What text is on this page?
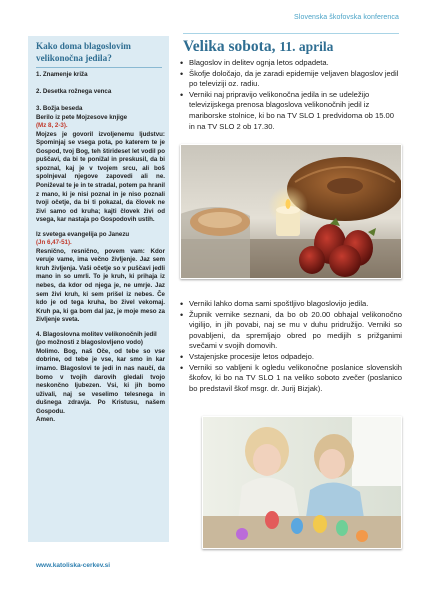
Slovenska škofovska konferenca
Kako doma blagoslovim velikonočna jedila?

1. Znamenje križa

2. Desetka rožnega venca

3. Božja beseda

Berilo iz pete Mojzesove knjige

(Mz 8, 2-3).

Mojzes je govoril izvoljenemu ljudstvu: Spominjaj se vsega pota, po katerem te je Gospod, tvoj Bog, teh štirideset let vodil po puščavi, da bi te ponižal in preskusil, da bi spoznal, kaj je v tvojem srcu, ali boš spolnjeval njegove zapovedi ali ne. Poniževal te je in te stradal, potem pa hranil z mano, ki je nisi poznal in je niso poznali tvoji očetje, da bi ti pokazal, da človek ne živi samo od kruha; kajti človek živi od vsega, kar nastaja po Gospodovih ustih.

Iz svetega evangelija po Janezu

(Jn 6,47-51).

Resnično, resnično, povem vam: Kdor veruje vame, ima večno življenje. Jaz sem kruh življenja. Vaši očetje so v puščavi jedli mano in so umrli. To je kruh, ki prihaja iz nebes, da kdor od njega je, ne umrje. Jaz sem živi kruh, ki sem prišel iz nebes. Če kdo je od tega kruha, bo živel vekomaj. Kruh pa, ki ga bom dal jaz, je moje meso za življenje sveta.

4. Blagoslovna molitev velikonočnih jedil (po možnosti z blagoslovljeno vodo)

Molimo. Bog, naš Oče, od tebe so vse dobrine, od tebe je vse, kar smo in kar imamo. Blagoslovi te jedi in nas naučí, da bomo v tvojih darovih gledali tvojo neskončno ljubezen. Vsi, ki jih bomo uživali, naj se veselimo telesnega in dušnega zdravja. Po Kristusu, našem Gospodu.

Amen.

www.katoliska-cerkev.si
Velika sobota, 11. aprila
• Blagoslov in delitev ognja letos odpadeta.
• Škofje določajo, da je zaradi epidemije veljaven blagoslov jedil po televiziji oz. radiu.
• Verniki naj pripravijo velikonočna jedila in se udeležijo televizijskega prenosa blagoslova velikonočnih jedil iz mariborske stolnice, ki bo na TV SLO 1 predvidoma ob 15.00 in na TV SLO 2 ob 17.30.
• Verniki lahko doma sami spoštljivo blagoslovijo jedila.
• Župnik vernike seznani, da bo ob 20.00 obhajal velikonočno vigilijo, in jih povabi, naj se mu v duhu pridružijo. Verniki so povabljeni, da spremljajo obred po medijih s prižganimi svečami v svojih domovih.
• Vstajenjske procesije letos odpadejo.
• Verniki so vabljeni k ogledu velikonočne poslanice slovenskih škofov, ki bo na TV SLO 1 na veliko soboto zvečer (poslanico bo predstavil škof msgr. dr. Jurij Bizjak).
